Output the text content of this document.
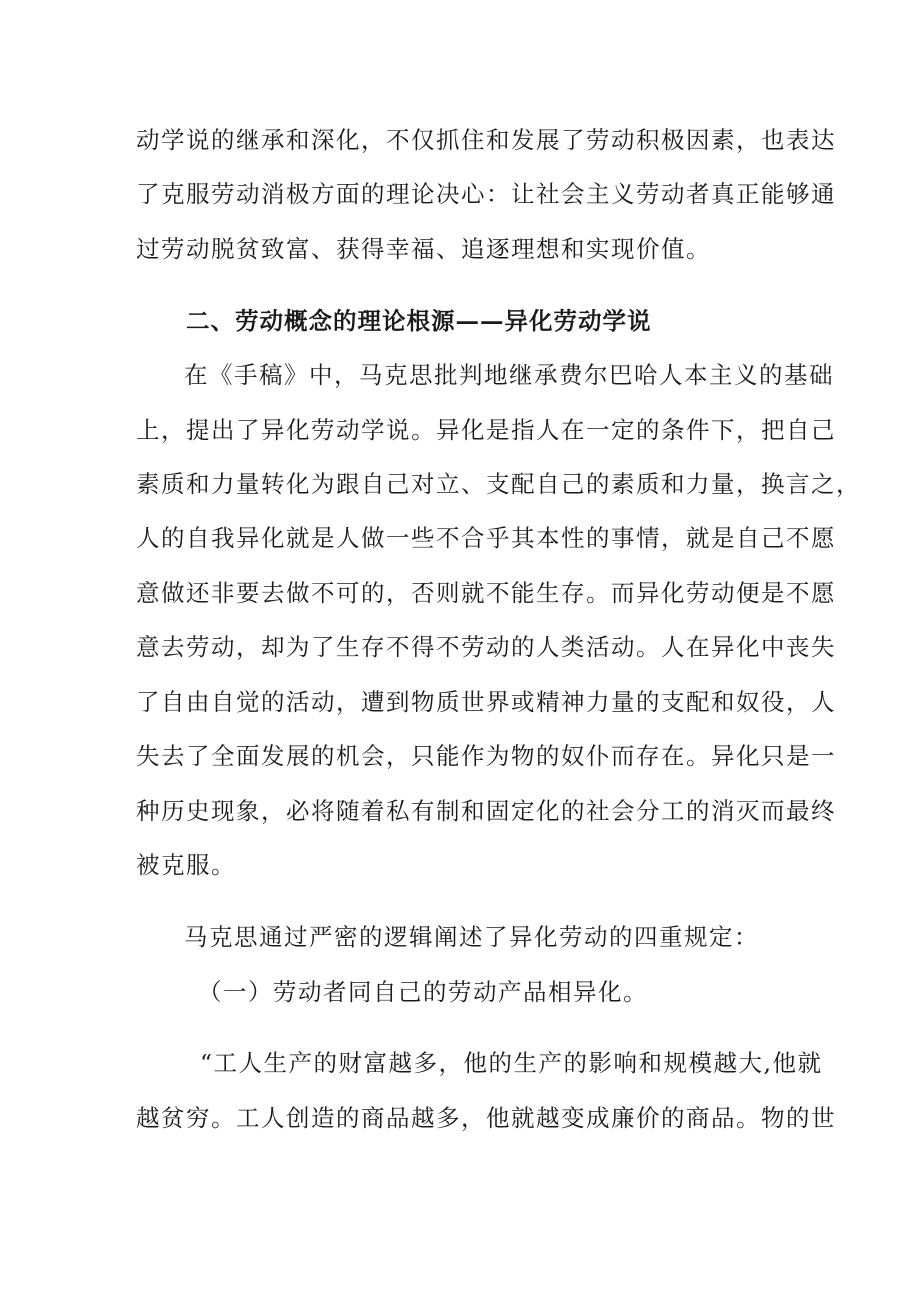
动学说的继承和深化，不仅抓住和发展了劳动积极因素，也表达
了克服劳动消极方面的理论决心：让社会主义劳动者真正能够通
过劳动脱贫致富、获得幸福、追逐理想和实现价值。
二、劳动概念的理论根源——异化劳动学说
在《手稿》中，马克思批判地继承费尔巴哈人本主义的基础
上，提出了异化劳动学说。异化是指人在一定的条件下，把自己
素质和力量转化为跟自己对立、支配自己的素质和力量，换言之，
人的自我异化就是人做一些不合乎其本性的事情，就是自己不愿
意做还非要去做不可的，否则就不能生存。而异化劳动便是不愿
意去劳动，却为了生存不得不劳动的人类活动。人在异化中丧失
了自由自觉的活动，遭到物质世界或精神力量的支配和奴役，人
失去了全面发展的机会，只能作为物的奴仆而存在。异化只是一
种历史现象，必将随着私有制和固定化的社会分工的消灭而最终
被克服。
马克思通过严密的逻辑阐述了异化劳动的四重规定：
（一）劳动者同自己的劳动产品相异化。
“工人生产的财富越多，他的生产的影响和规模越大,他就
越贫穷。工人创造的商品越多，他就越变成廉价的商品。物的世
